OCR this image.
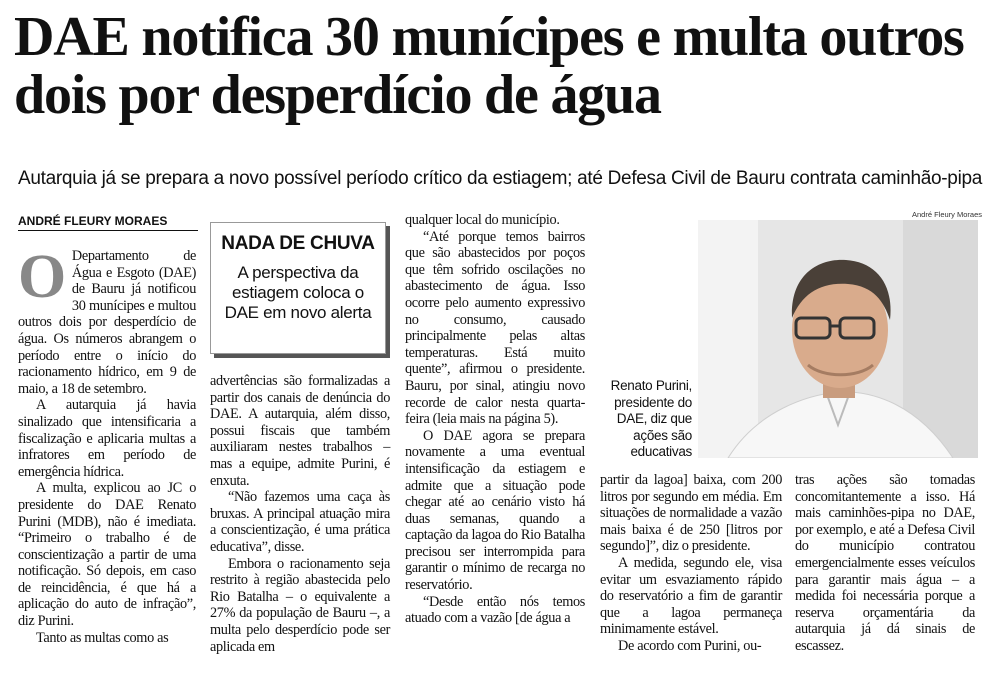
DAE notifica 30 munícipes e multa outros dois por desperdício de água
Autarquia já se prepara a novo possível período crítico da estiagem; até Defesa Civil de Bauru contrata caminhão-pipa
ANDRÉ FLEURY MORAES
O Departamento de Água e Esgoto (DAE) de Bauru já notificou 30 munícipes e multou outros dois por desperdício de água. Os números abrangem o período entre o início do racionamento hídrico, em 9 de maio, a 18 de setembro.

A autarquia já havia sinalizado que intensificaria a fiscalização e aplicaria multas a infratores em período de emergência hídrica.

A multa, explicou ao JC o presidente do DAE Renato Purini (MDB), não é imediata. “Primeiro o trabalho é de conscientização a partir de uma notificação. Só depois, em caso de reincidência, é que há a aplicação do auto de infração”, diz Purini.

Tanto as multas como as

NADA DE CHUVA
A perspectiva da estiagem coloca o DAE em novo alerta

advertências são formalizadas a partir dos canais de denúncia do DAE. A autarquia, além disso, possui fiscais que também auxiliaram nestes trabalhos – mas a equipe, admite Purini, é enxuta.

“Não fazemos uma caça às bruxas. A principal atuação mira a conscientização, é uma prática educativa”, disse.

Embora o racionamento seja restrito à região abastecida pelo Rio Batalha – o equivalente a 27% da população de Bauru –, a multa pelo desperdício pode ser aplicada em

qualquer local do município.

“Até porque temos bairros que são abastecidos por poços que têm sofrido oscilações no abastecimento de água. Isso ocorre pelo aumento expressivo no consumo, causado principalmente pelas altas temperaturas. Está muito quente”, afirmou o presidente. Bauru, por sinal, atingiu novo recorde de calor nesta quarta-feira (leia mais na página 5).

O DAE agora se prepara novamente a uma eventual intensificação da estiagem e admite que a situação pode chegar até ao cenário visto há duas semanas, quando a captação da lagoa do Rio Batalha precisou ser interrompida para garantir o mínimo de recarga no reservatório.

“Desde então nós temos atuado com a vazão [de água a

André Fleury Moraes
Renato Purini, presidente do DAE, diz que ações são educativas

partir da lagoa] baixa, com 200 litros por segundo em média. Em situações de normalidade a vazão mais baixa é de 250 [litros por segundo]”, diz o presidente.

A medida, segundo ele, visa evitar um esvaziamento rápido do reservatório a fim de garantir que a lagoa permaneça minimamente estável.

De acordo com Purini, ou-

tras ações são tomadas concomitantemente a isso. Há mais caminhões-pipa no DAE, por exemplo, e até a Defesa Civil do município contratou emergencialmente esses veículos para garantir mais água – a medida foi necessária porque a reserva orçamentária da autarquia já dá sinais de escassez.
